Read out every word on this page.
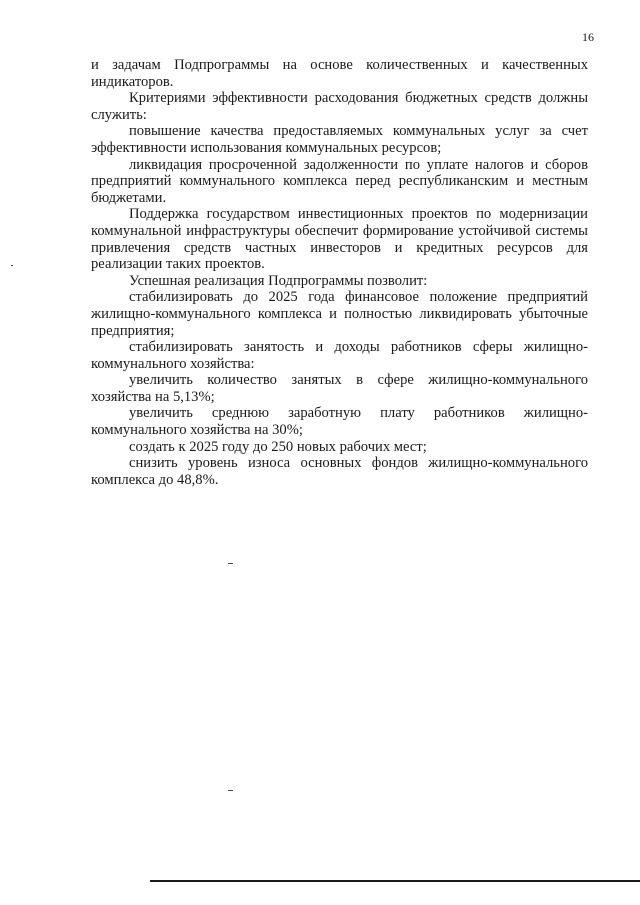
16

и задачам Подпрограммы на основе количественных и качественных индикаторов.

Критериями эффективности расходования бюджетных средств должны служить:

повышение качества предоставляемых коммунальных услуг за счет эффективности использования коммунальных ресурсов;

ликвидация просроченной задолженности по уплате налогов и сборов предприятий коммунального комплекса перед республиканским и местным бюджетами.

Поддержка государством инвестиционных проектов по модернизации коммунальной инфраструктуры обеспечит формирование устойчивой системы привлечения средств частных инвесторов и кредитных ресурсов для реализации таких проектов.

Успешная реализация Подпрограммы позволит:

стабилизировать до 2025 года финансовое положение предприятий жилищно-коммунального комплекса и полностью ликвидировать убыточные предприятия;

стабилизировать занятость и доходы работников сферы жилищно-коммунального хозяйства:

увеличить количество занятых в сфере жилищно-коммунального хозяйства на 5,13%;

увеличить среднюю заработную плату работников жилищно-коммунального хозяйства на 30%;

создать к 2025 году до 250 новых рабочих мест;

снизить уровень износа основных фондов жилищно-коммунального комплекса до 48,8%.
